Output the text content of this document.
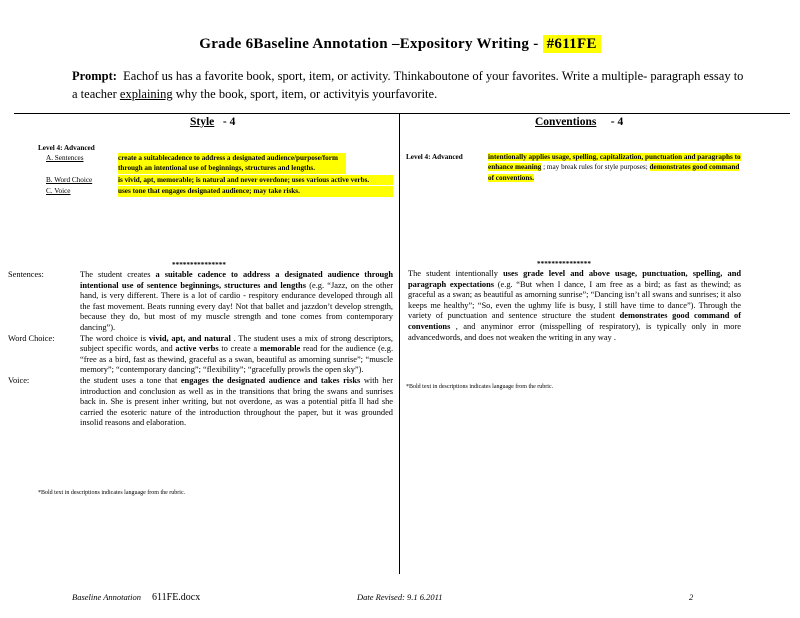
Grade 6Baseline Annotation –Expository Writing - #611FE
Prompt: Eachof us has a favorite book, sport, item, or activity. Thinkaboutone of your favorites. Write a multiple- paragraph essay to a teacher explaining why the book, sport, item, or activityis yourfavorite.
Style - 4
Level 4: Advanced
A. Sentences	create a suitablecadence to address a designated audience/purpose/form through an intentional use of beginnings, structures and lengths.
B. Word Choice	is vivid, apt, memorable; is natural and never overdone; uses various active verbs.
C. Voice	uses tone that engages designated audience; may take risks.
***************
Sentences:	The student creates a suitable cadence to address a designated audience through intentional use of sentence beginnings, structures and lengths (e.g. “Jazz, on the other hand, is very different. There is a lot of cardio - respitory endurance developed through all the fast movement. Beats running every day! Not that ballet and jazzdon’t develop strength, because they do, but most of my muscle strength and tone comes from contemporary dancing”).
Word Choice:	The word choice is vivid, apt, and natural . The student uses a mix of strong descriptors, subject specific words, and active verbs to create a memorable read for the audience (e.g. “free as a bird, fast as thewind, graceful as a swan, beautiful as amorning sunrise”; “muscle memory”; “contemporary dancing”; “flexibility”; “gracefully prowls the open sky”).
Voice:	the student uses a tone that engages the designated audience and takes risks with her introduction and conclusion as well as in the transitions that bring the swans and sunrises back in. She is present inher writing, but not overdone, as was a potential pitfa ll had she carried the esoteric nature of the introduction throughout the paper, but it was grounded insolid reasons and elaboration.
*Bold text in descriptions indicates language from the rubric.
Conventions - 4
Level 4: Advanced	intentionally applies usage, spelling, capitalization, punctuation and paragraphs to enhance meaning ; may break rules for style purposes; demonstrates good command of conventions.
***************
The student intentionally uses grade level and above usage, punctuation, spelling, and paragraph expectations (e.g. “But when I dance, I am free as a bird; as fast as thewind; as graceful as a swan; as beautiful as amorning sunrise”; “Dancing isn’t all swans and sunrises; it also keeps me healthy”; “So, even the ughmy life is busy, I still have time to dance”). Through the variety of punctuation and sentence structure the student demonstrates good command of conventions , and anyminor error (misspelling of respiratory), is typically only in more advancedwords, and does not weaken the writing in any way .
*Bold text in descriptions indicates language from the rubric.
Baseline Annotation 611FE.docx	Date Revised: 9.1 6.2011	2
